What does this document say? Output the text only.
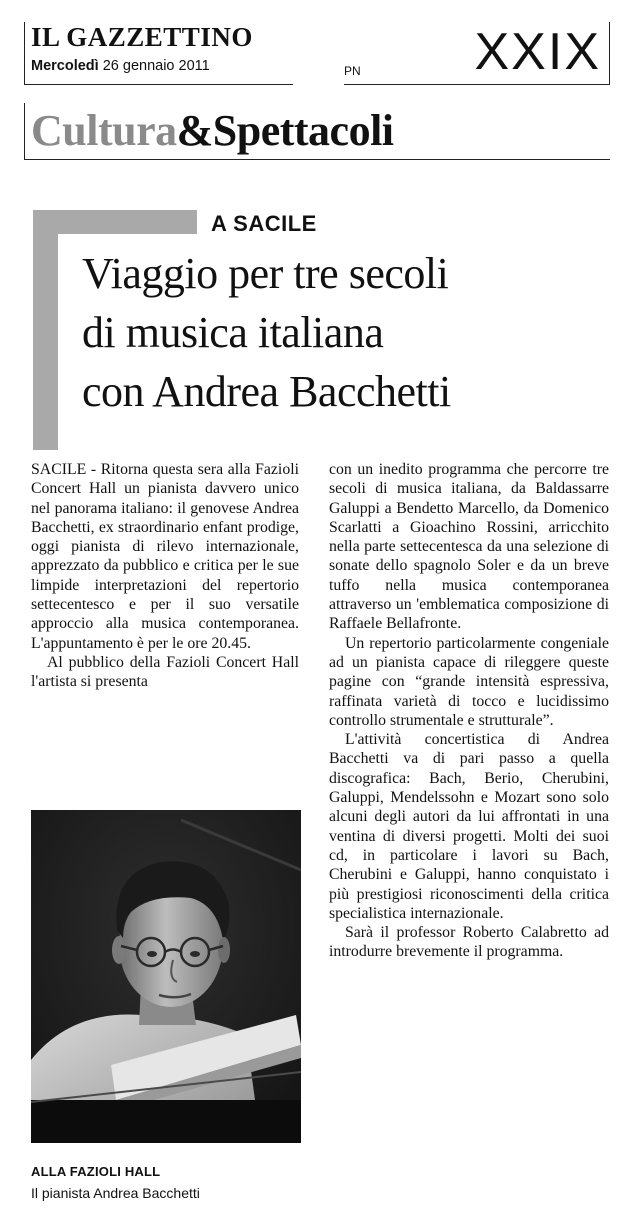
IL GAZZETTINO
Mercoledì 26 gennaio 2011	XXIX
PN
Cultura&Spettacoli
A SACILE
Viaggio per tre secoli
di musica italiana
con Andrea Bacchetti

SACILE - Ritorna questa sera alla Fazioli Concert Hall un pianista davvero unico nel panorama italiano: il genovese Andrea Bacchetti, ex straordinario enfant prodige, oggi pianista di rilevo internazionale, apprezzato da pubblico e critica per le sue limpide interpretazioni del repertorio settecentesco e per il suo versatile approccio alla musica contemporanea. L'appuntamento è per le ore 20.45.

Al pubblico della Fazioli Concert Hall l'artista si presenta

con un inedito programma che percorre tre secoli di musica italiana, da Baldassarre Galuppi a Bendetto Marcello, da Domenico Scarlatti a Gioachino Rossini, arricchito nella parte settecentesca da una selezione di sonate dello spagnolo Soler e da un breve tuffo nella musica contemporanea attraverso un 'emblematica composizione di Raffaele Bellafronte.

Un repertorio particolarmente congeniale ad un pianista capace di rileggere queste pagine con “grande intensità espressiva, raffinata varietà di tocco e lucidissimo controllo strumentale e strutturale”.

L'attività concertistica di Andrea Bacchetti va di pari passo a quella discografica: Bach, Berio, Cherubini, Galuppi, Mendelssohn e Mozart sono solo alcuni degli autori da lui affrontati in una ventina di diversi progetti. Molti dei suoi cd, in particolare i lavori su Bach, Cherubini e Galuppi, hanno conquistato i più prestigiosi riconoscimenti della critica specialistica internazionale.

Sarà il professor Roberto Calabretto ad introdurre brevemente il programma.

ALLA FAZIOLI HALL
Il pianista Andrea Bacchetti
